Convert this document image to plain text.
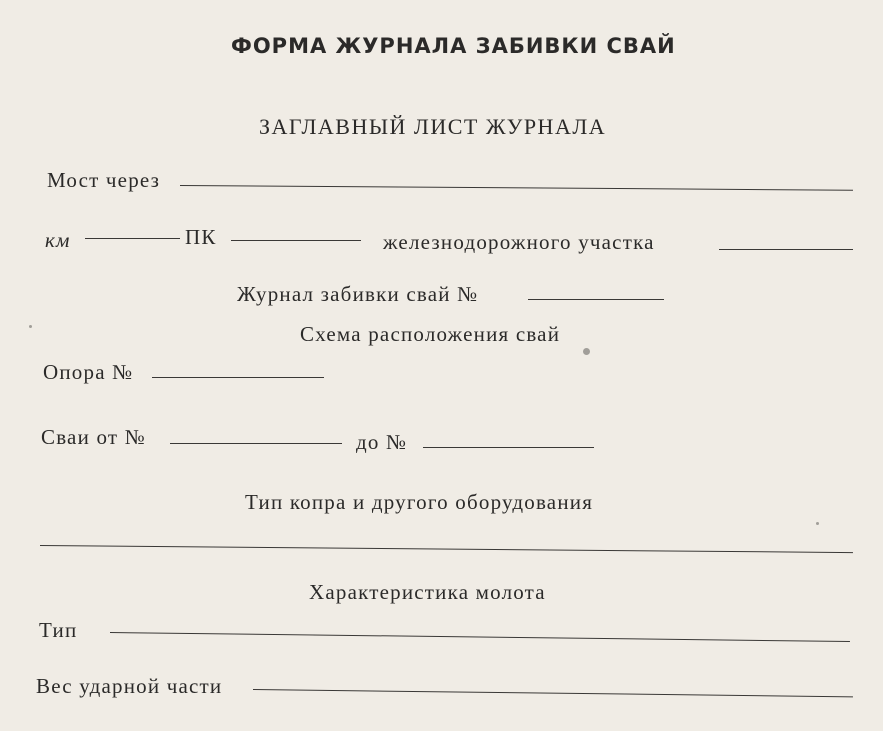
ФОРМА ЖУРНАЛА ЗАБИВКИ СВАЙ
ЗАГЛАВНЫЙ ЛИСТ ЖУРНАЛА
Мост через
км	ПК	железнодорожного участка
Журнал забивки свай №
Схема расположения свай
Опора №
Сваи от №	до №
Тип копра и другого оборудования
Характеристика молота
Тип
Вес ударной части
